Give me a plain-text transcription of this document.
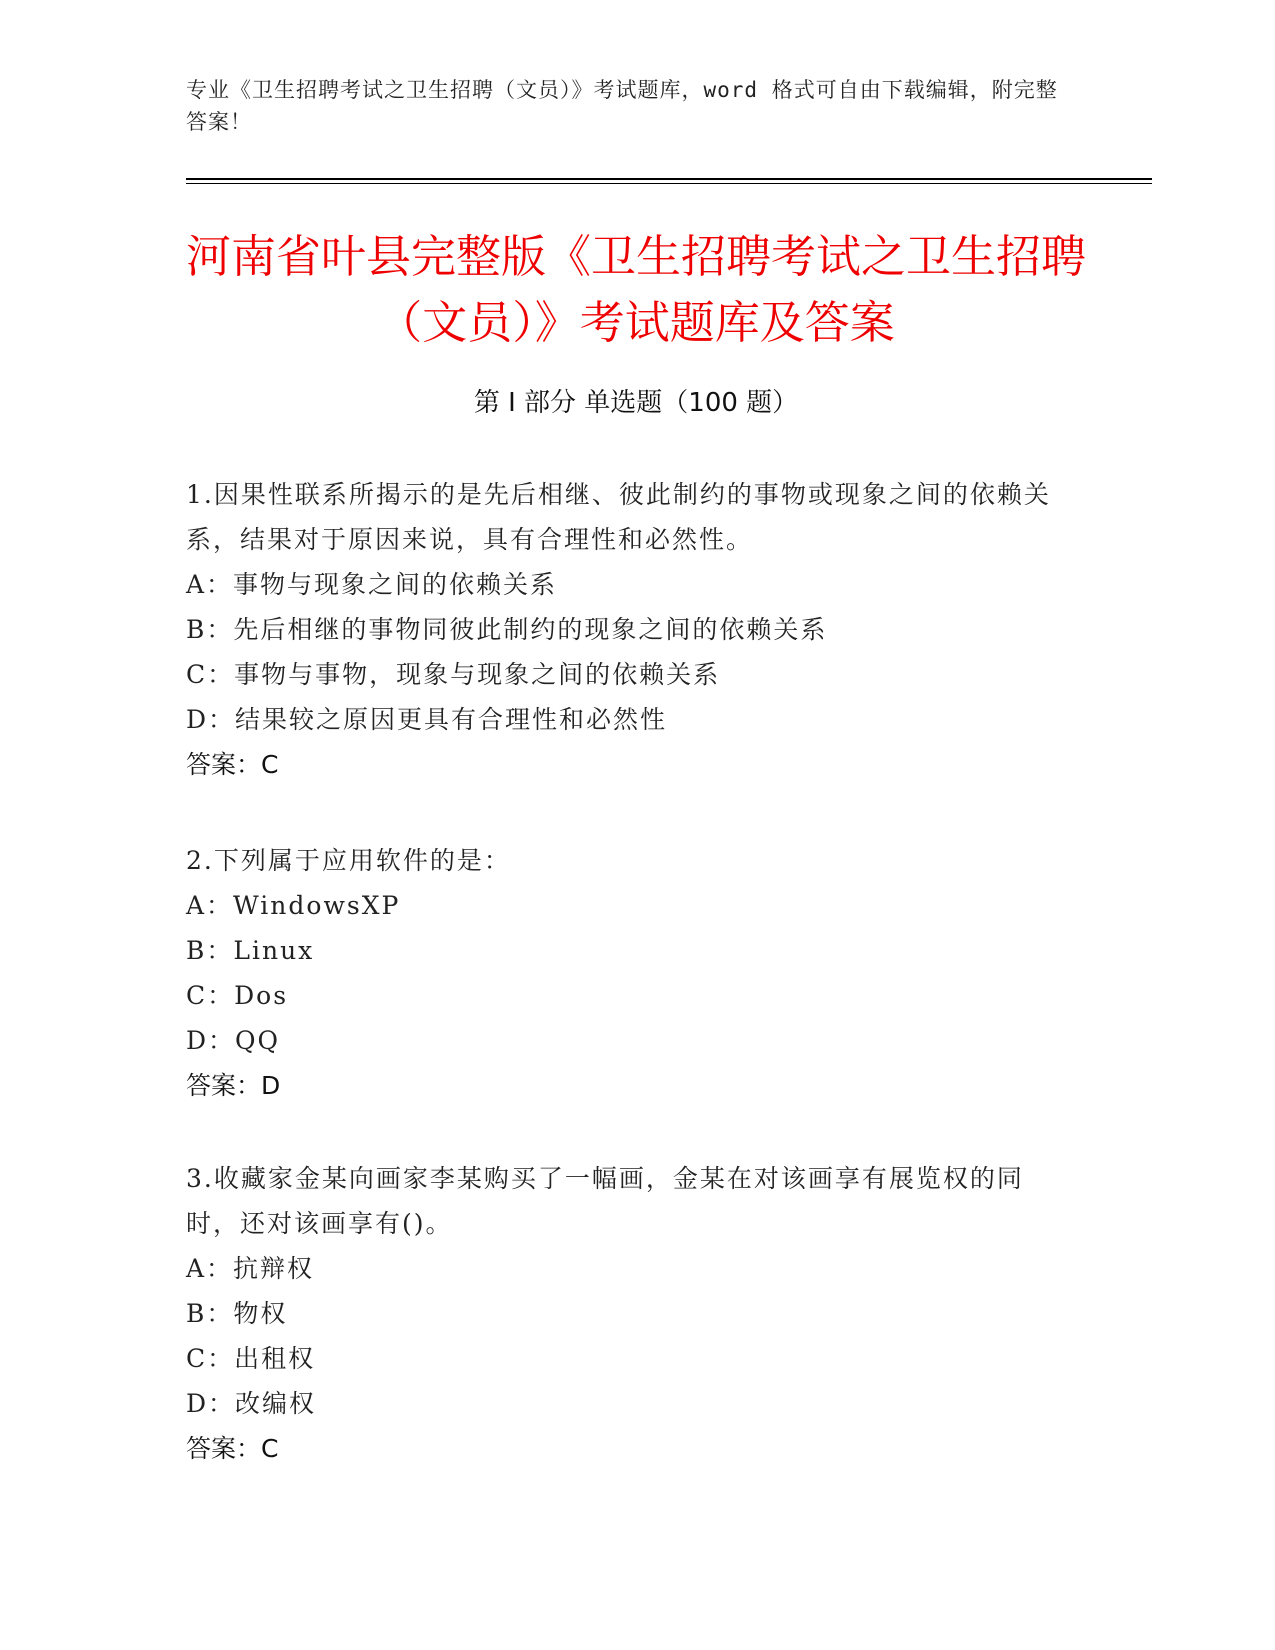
专业《卫生招聘考试之卫生招聘（文员）》考试题库，word 格式可自由下载编辑，附完整答案！
河南省叶县完整版《卫生招聘考试之卫生招聘（文员）》考试题库及答案
第 I 部分 单选题（100 题）
1.因果性联系所揭示的是先后相继、彼此制约的事物或现象之间的依赖关系，结果对于原因来说，具有合理性和必然性。
A：事物与现象之间的依赖关系
B：先后相继的事物同彼此制约的现象之间的依赖关系
C：事物与事物，现象与现象之间的依赖关系
D：结果较之原因更具有合理性和必然性
答案：C
2.下列属于应用软件的是：
A：WindowsXP
B：Linux
C：Dos
D：QQ
答案：D
3.收藏家金某向画家李某购买了一幅画，金某在对该画享有展览权的同时，还对该画享有()。
A：抗辩权
B：物权
C：出租权
D：改编权
答案：C
